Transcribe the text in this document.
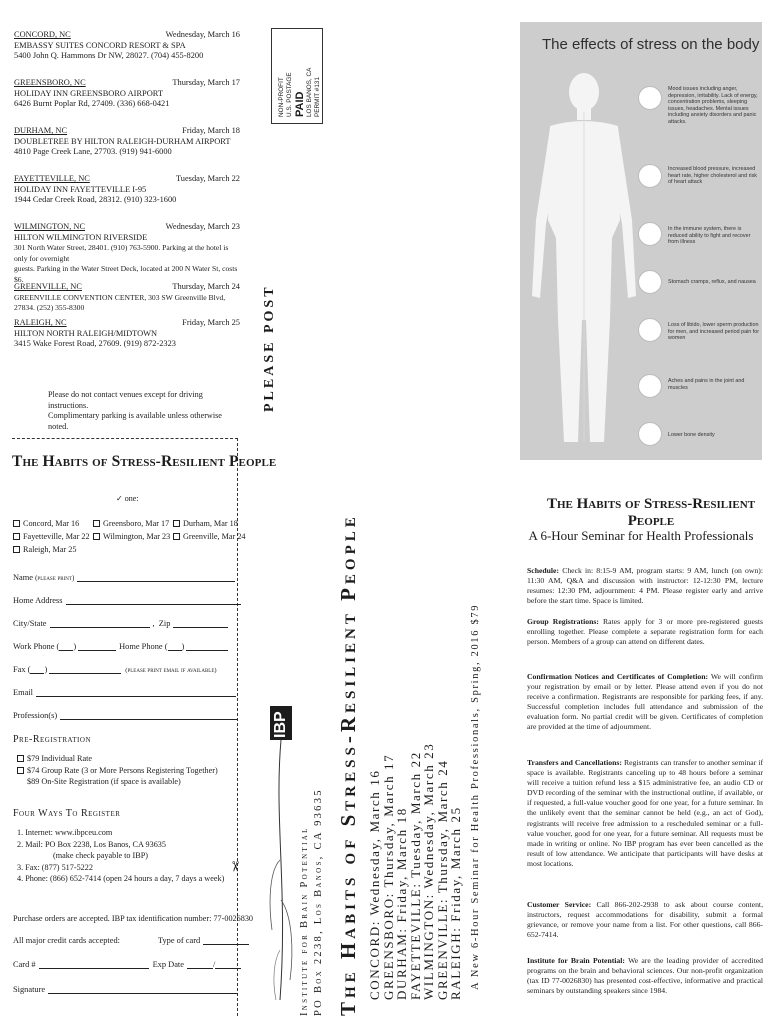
CONCORD, NC	Wednesday, March 16
EMBASSY SUITES CONCORD RESORT & SPA
5400 John Q. Hammons Dr NW, 28027. (704) 455-8200
GREENSBORO, NC	Thursday, March 17
HOLIDAY INN GREENSBORO AIRPORT
6426 Burnt Poplar Rd, 27409. (336) 668-0421
DURHAM, NC	Friday, March 18
DOUBLETREE BY HILTON RALEIGH-DURHAM AIRPORT
4810 Page Creek Lane, 27703. (919) 941-6000
FAYETTEVILLE, NC	Tuesday, March 22
HOLIDAY INN FAYETTEVILLE I-95
1944 Cedar Creek Road, 28312. (910) 323-1600
WILMINGTON, NC	Wednesday, March 23
HILTON WILMINGTON RIVERSIDE
301 North Water Street, 28401. (910) 763-5900. Parking at the hotel is only for overnight
guests. Parking in the Water Street Deck, located at 200 N Water St, costs $6.
GREENVILLE, NC	Thursday, March 24
GREENVILLE CONVENTION CENTER, 303 SW Greenville Blvd, 27834. (252) 355-8300
RALEIGH, NC	Friday, March 25
HILTON NORTH RALEIGH/MIDTOWN
3415 Wake Forest Road, 27609. (919) 872-2323
Please do not contact venues except for driving instructions.
Complimentary parking is available unless otherwise noted.
✂
The Habits of Stress-Resilient People
✓ one:
Concord, Mar 16	Greensboro, Mar 17	Durham, Mar 18
Fayetteville, Mar 22	Wilmington, Mar 23	Greenville, Mar 24
Raleigh, Mar 25
Name
(please print)
Home Address
City/State	, Zip
Work Phone ( )	Home Phone ( )
Fax ( )	(please print email if available)
Email
Profession(s)
Pre-Registration
$79 Individual Rate
$74 Group Rate (3 or More Persons Registering Together)
$89 On-Site Registration (if space is available)
Four Ways To Register
1. Internet: www.ibpceu.com
2. Mail: PO Box 2238, Los Banos, CA 93635
(make check payable to IBP)
3. Fax: (877) 517-5222
4. Phone: (866) 652-7414 (open 24 hours a day, 7 days a week)
Purchase orders are accepted. IBP tax identification number: 77-0026830
All major credit cards accepted:	Type of card
Card #	Exp Date	/
Signature
NON-PROFIT U.S. POSTAGE PAID LOS BANOS, CA PERMIT #131
PLEASE POST
The Habits of Stress-Resilient People CONCORD: Wednesday, March 16
GREENSBORO: Thursday, March 17
DURHAM: Friday, March 18
FAYETTEVILLE: Tuesday, March 22
WILMINGTON: Wednesday, March 23
GREENVILLE: Thursday, March 24
RALEIGH: Friday, March 25 A New 6-Hour Seminar for Health Professionals, Spring, 2016 $79
Institute for Brain Potential PO Box 2238, Los Banos, CA 93635
IBP
The effects of stress on the body
Mood issues including anger, depression, irritability. Lack of energy, concentration problems, sleeping issues, headaches. Mental issues including anxiety disorders and panic attacks.
Increased blood pressure, increased heart rate, higher cholesterol and risk of heart attack
In the immune system, there is reduced ability to fight and recover from illness
Stomach cramps, reflux, and nausea
Loss of libido, lower sperm production for men, and increased period pain for women
Aches and pains in the joint and muscles
Lower bone density
The Habits of Stress-Resilient People
A 6-Hour Seminar for Health Professionals
Schedule: Check in: 8:15-9 AM, program starts: 9 AM, lunch (on own): 11:30 AM, Q&A and discussion with instructor: 12-12:30 PM, lecture resumes: 12:30 PM, adjournment: 4 PM. Please register early and arrive before the start time. Space is limited.
Group Registrations: Rates apply for 3 or more pre-registered guests enrolling together. Please complete a separate registration form for each person. Members of a group can attend on different dates.
Confirmation Notices and Certificates of Completion: We will confirm your registration by email or by letter. Please attend even if you do not receive a confirmation. Registrants are responsible for parking fees, if any. Successful completion includes full attendance and submission of the evaluation form. No partial credit will be given. Certificates of completion are provided at the time of adjournment.
Transfers and Cancellations: Registrants can transfer to another seminar if space is available. Registrants canceling up to 48 hours before a seminar will receive a tuition refund less a $15 administrative fee, an audio CD or DVD recording of the seminar with the instructional outline, if available, or if requested, a full-value voucher good for one year, for a future seminar. In the unlikely event that the seminar cannot be held (e.g., an act of God), registrants will receive free admission to a rescheduled seminar or a full-value voucher, good for one year, for a future seminar. All requests must be made in writing or online. No IBP program has ever been cancelled as the result of low attendance. We anticipate that participants will have desks at most locations.
Customer Service: Call 866-202-2938 to ask about course content, instructors, request accommodations for disability, submit a formal grievance, or remove your name from a list. For other questions, call 866-652-7414.
Institute for Brain Potential: We are the leading provider of accredited programs on the brain and behavioral sciences. Our non-profit organization (tax ID 77-0026830) has presented cost-effective, informative and practical seminars by outstanding speakers since 1984.
